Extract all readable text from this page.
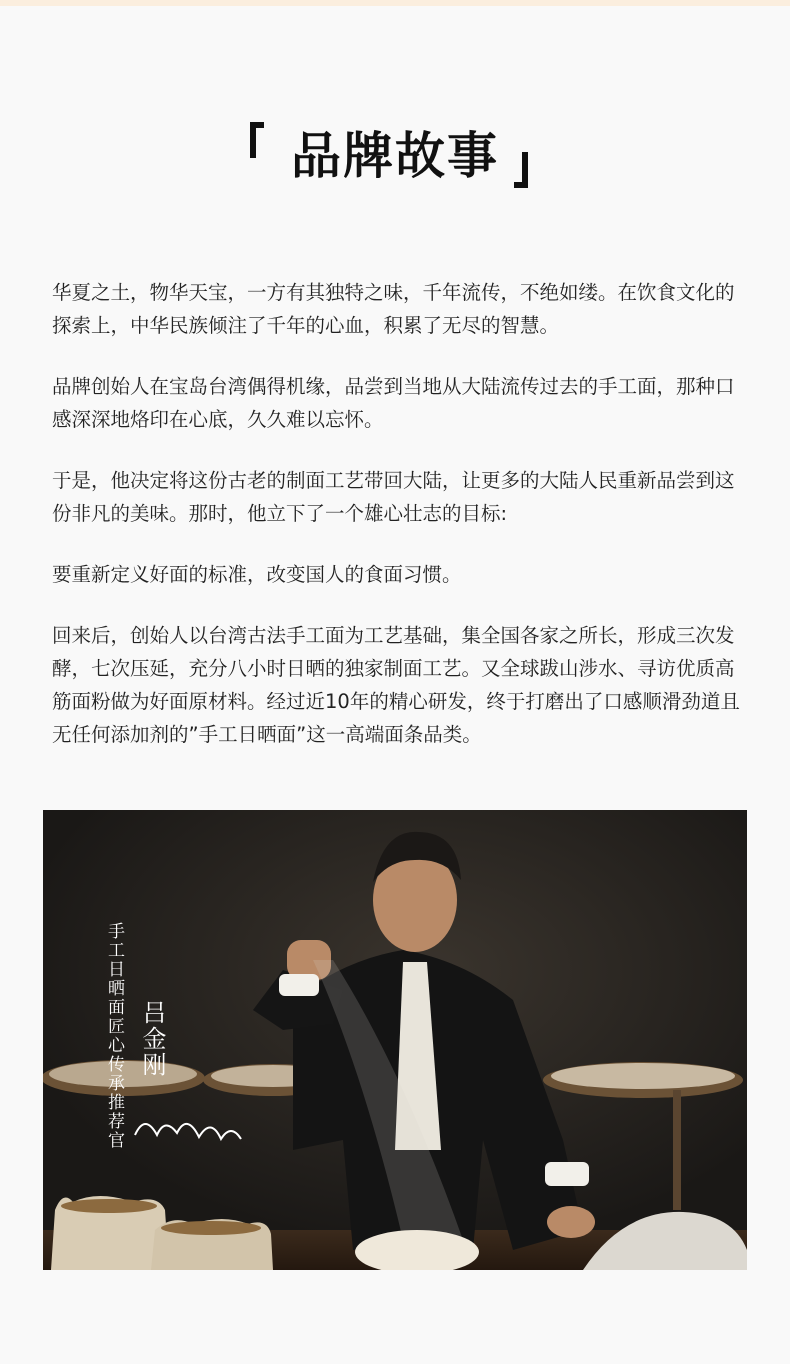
品牌故事

华夏之土，物华天宝，一方有其独特之味，千年流传，不绝如缕。在饮食文化的探索上，中华民族倾注了千年的心血，积累了无尽的智慧。

品牌创始人在宝岛台湾偶得机缘，品尝到当地从大陆流传过去的手工面，那种口感深深地烙印在心底，久久难以忘怀。

于是，他决定将这份古老的制面工艺带回大陆，让更多的大陆人民重新品尝到这份非凡的美味。那时，他立下了一个雄心壮志的目标:

要重新定义好面的标准，改变国人的食面习惯。

回来后，创始人以台湾古法手工面为工艺基础，集全国各家之所长，形成三次发酵，七次压延，充分八小时日晒的独家制面工艺。又全球跋山涉水、寻访优质高筋面粉做为好面原材料。经过近10年的精心研发，终于打磨出了口感顺滑劲道且无任何添加剂的”手工日晒面”这一高端面条品类。

手工日晒面匠心传承推荐官 吕金刚
